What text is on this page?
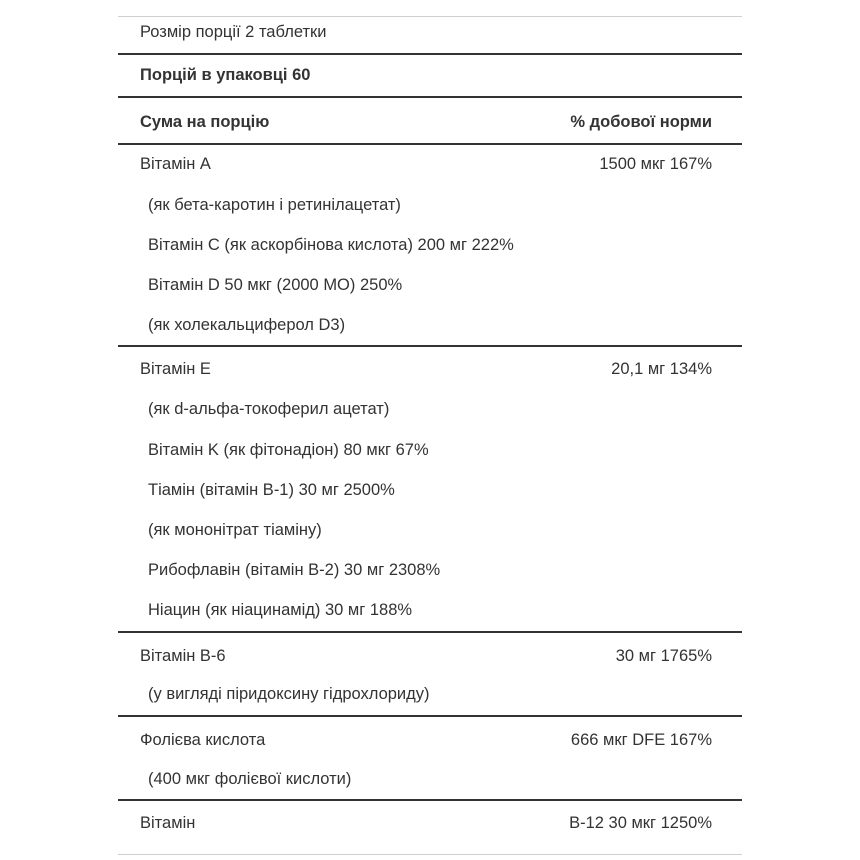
Розмір порції 2 таблетки
Порцій в упаковці 60
Сума на порцію	% добової норми
Вітамін A	1500 мкг 167%
(як бета-каротин і ретинілацетат)
Вітамін C (як аскорбінова кислота) 200 мг 222%
Вітамін D 50 мкг (2000 МО) 250%
(як холекальциферол D3)
Вітамін E	20,1 мг 134%
(як d-альфа-токоферил ацетат)
Вітамін K (як фітонадіон) 80 мкг 67%
Тіамін (вітамін B-1) 30 мг 2500%
(як мононітрат тіаміну)
Рибофлавін (вітамін B-2) 30 мг 2308%
Ніацин (як ніацинамід) 30 мг 188%
Вітамін B-6	30 мг 1765%
(у вигляді піридоксину гідрохлориду)
Фолієва кислота	666 мкг DFE 167%
(400 мкг фолієвої кислоти)
Вітамін	B-12 30 мкг 1250%
